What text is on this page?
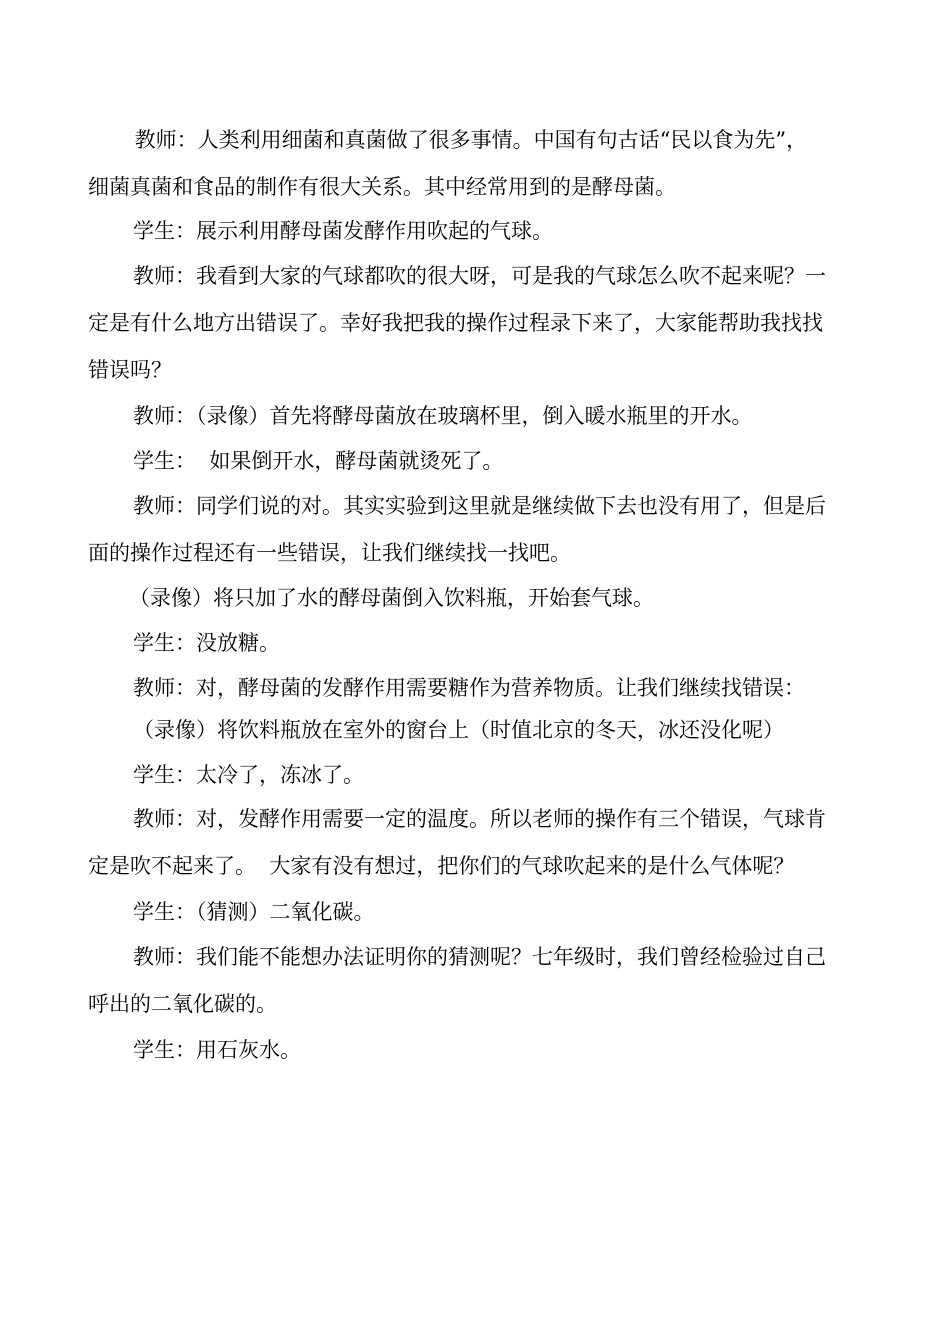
教师：人类利用细菌和真菌做了很多事情。中国有句古话“民以食为先”，
细菌真菌和食品的制作有很大关系。其中经常用到的是酵母菌。
学生：展示利用酵母菌发酵作用吹起的气球。
教师：我看到大家的气球都吹的很大呀，可是我的气球怎么吹不起来呢？一
定是有什么地方出错误了。幸好我把我的操作过程录下来了，大家能帮助我找找
错误吗？
教师：（录像）首先将酵母菌放在玻璃杯里，倒入暖水瓶里的开水。
学生：  如果倒开水，酵母菌就烫死了。
教师：同学们说的对。其实实验到这里就是继续做下去也没有用了，但是后
面的操作过程还有一些错误，让我们继续找一找吧。
（录像）将只加了水的酵母菌倒入饮料瓶，开始套气球。
学生：没放糖。
教师：对，酵母菌的发酵作用需要糖作为营养物质。让我们继续找错误：
（录像）将饮料瓶放在室外的窗台上（时值北京的冬天，冰还没化呢）
学生：太冷了，冻冰了。
教师：对，发酵作用需要一定的温度。所以老师的操作有三个错误，气球肯
定是吹不起来了。  大家有没有想过，把你们的气球吹起来的是什么气体呢？
学生：（猜测）二氧化碳。
教师：我们能不能想办法证明你的猜测呢？七年级时，我们曾经检验过自己
呼出的二氧化碳的。
学生：用石灰水。
